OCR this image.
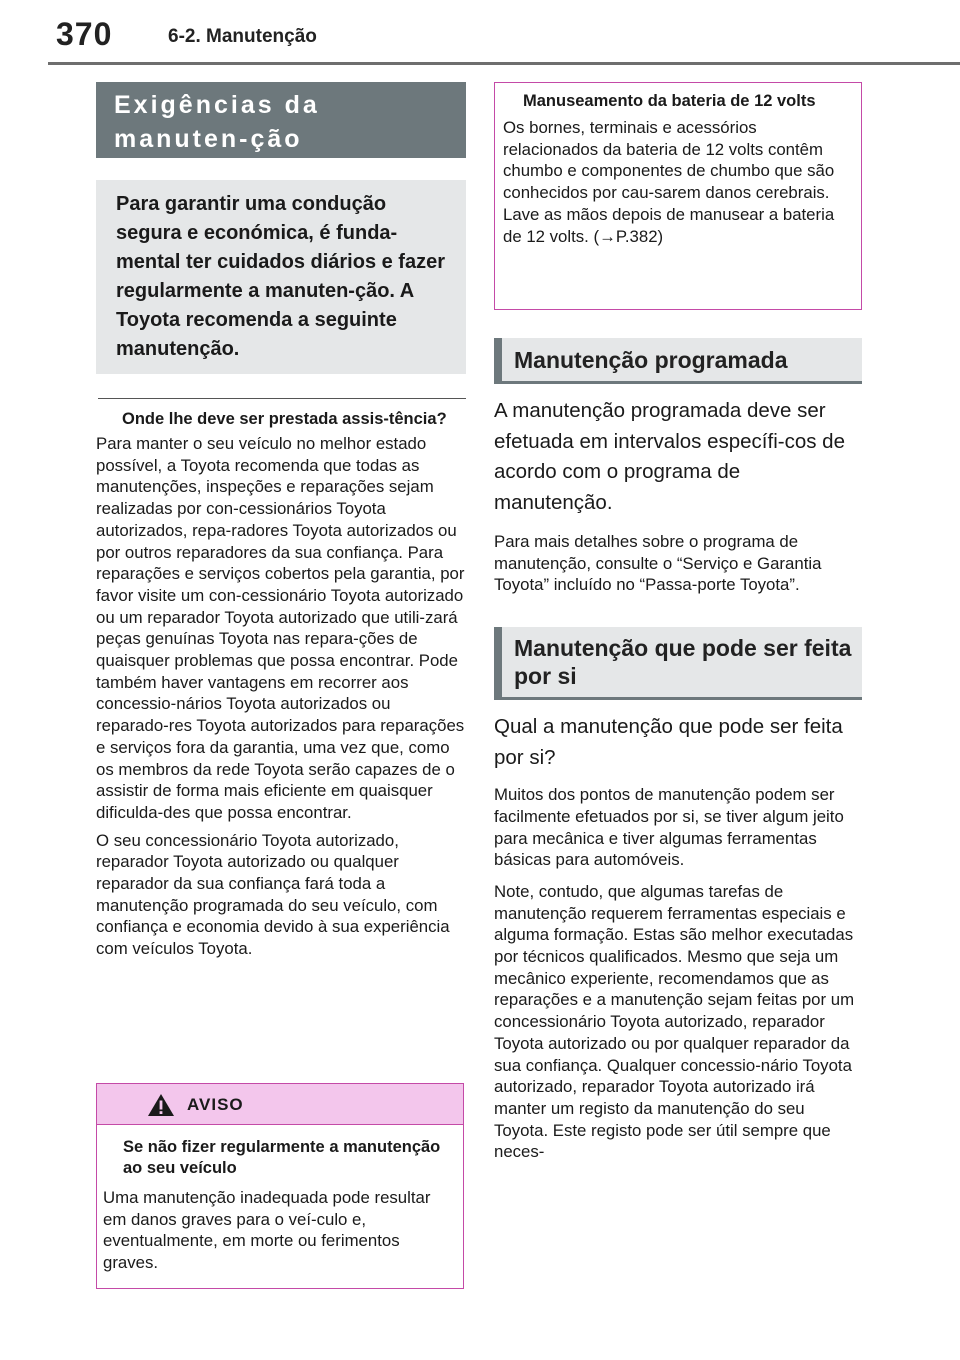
370	6-2. Manutenção
Exigências da manuten-ção
Para garantir uma condução segura e económica, é funda-mental ter cuidados diários e fazer regularmente a manuten-ção. A Toyota recomenda a seguinte manutenção.
Onde lhe deve ser prestada assis-tência?
Para manter o seu veículo no melhor estado possível, a Toyota recomenda que todas as manutenções, inspeções e reparações sejam realizadas por con-cessionários Toyota autorizados, repa-radores Toyota autorizados ou por outros reparadores da sua confiança. Para reparações e serviços cobertos pela garantia, por favor visite um con-cessionário Toyota autorizado ou um reparador Toyota autorizado que utili-zará peças genuínas Toyota nas repara-ções de quaisquer problemas que possa encontrar. Pode também haver vantagens em recorrer aos concessio-nários Toyota autorizados ou reparado-res Toyota autorizados para reparações e serviços fora da garantia, uma vez que, como os membros da rede Toyota serão capazes de o assistir de forma mais eficiente em quaisquer dificulda-des que possa encontrar.
O seu concessionário Toyota autorizado, reparador Toyota autorizado ou qualquer reparador da sua confiança fará toda a manutenção programada do seu veículo, com confiança e economia devido à sua experiência com veículos Toyota.
AVISO
Se não fizer regularmente a manutenção ao seu veículo
Uma manutenção inadequada pode resultar em danos graves para o veí-culo e, eventualmente, em morte ou ferimentos graves.
Manuseamento da bateria de 12 volts
Os bornes, terminais e acessórios relacionados da bateria de 12 volts contêm chumbo e componentes de chumbo que são conhecidos por cau-sarem danos cerebrais. Lave as mãos depois de manusear a bateria de 12 volts. (→P.382)
Manutenção programada
A manutenção programada deve ser efetuada em intervalos específi-cos de acordo com o programa de manutenção.
Para mais detalhes sobre o programa de manutenção, consulte o “Serviço e Garantia Toyota” incluído no “Passa-porte Toyota”.
Manutenção que pode ser feita por si
Qual a manutenção que pode ser feita por si?
Muitos dos pontos de manutenção podem ser facilmente efetuados por si, se tiver algum jeito para mecânica e tiver algumas ferramentas básicas para automóveis.
Note, contudo, que algumas tarefas de manutenção requerem ferramentas especiais e alguma formação. Estas são melhor executadas por técnicos qualificados. Mesmo que seja um mecânico experiente, recomendamos que as reparações e a manutenção sejam feitas por um concessionário Toyota autorizado, reparador Toyota autorizado ou por qualquer reparador da sua confiança. Qualquer concessio-nário Toyota autorizado, reparador Toyota autorizado irá manter um registo da manutenção do seu Toyota. Este registo pode ser útil sempre que neces-
